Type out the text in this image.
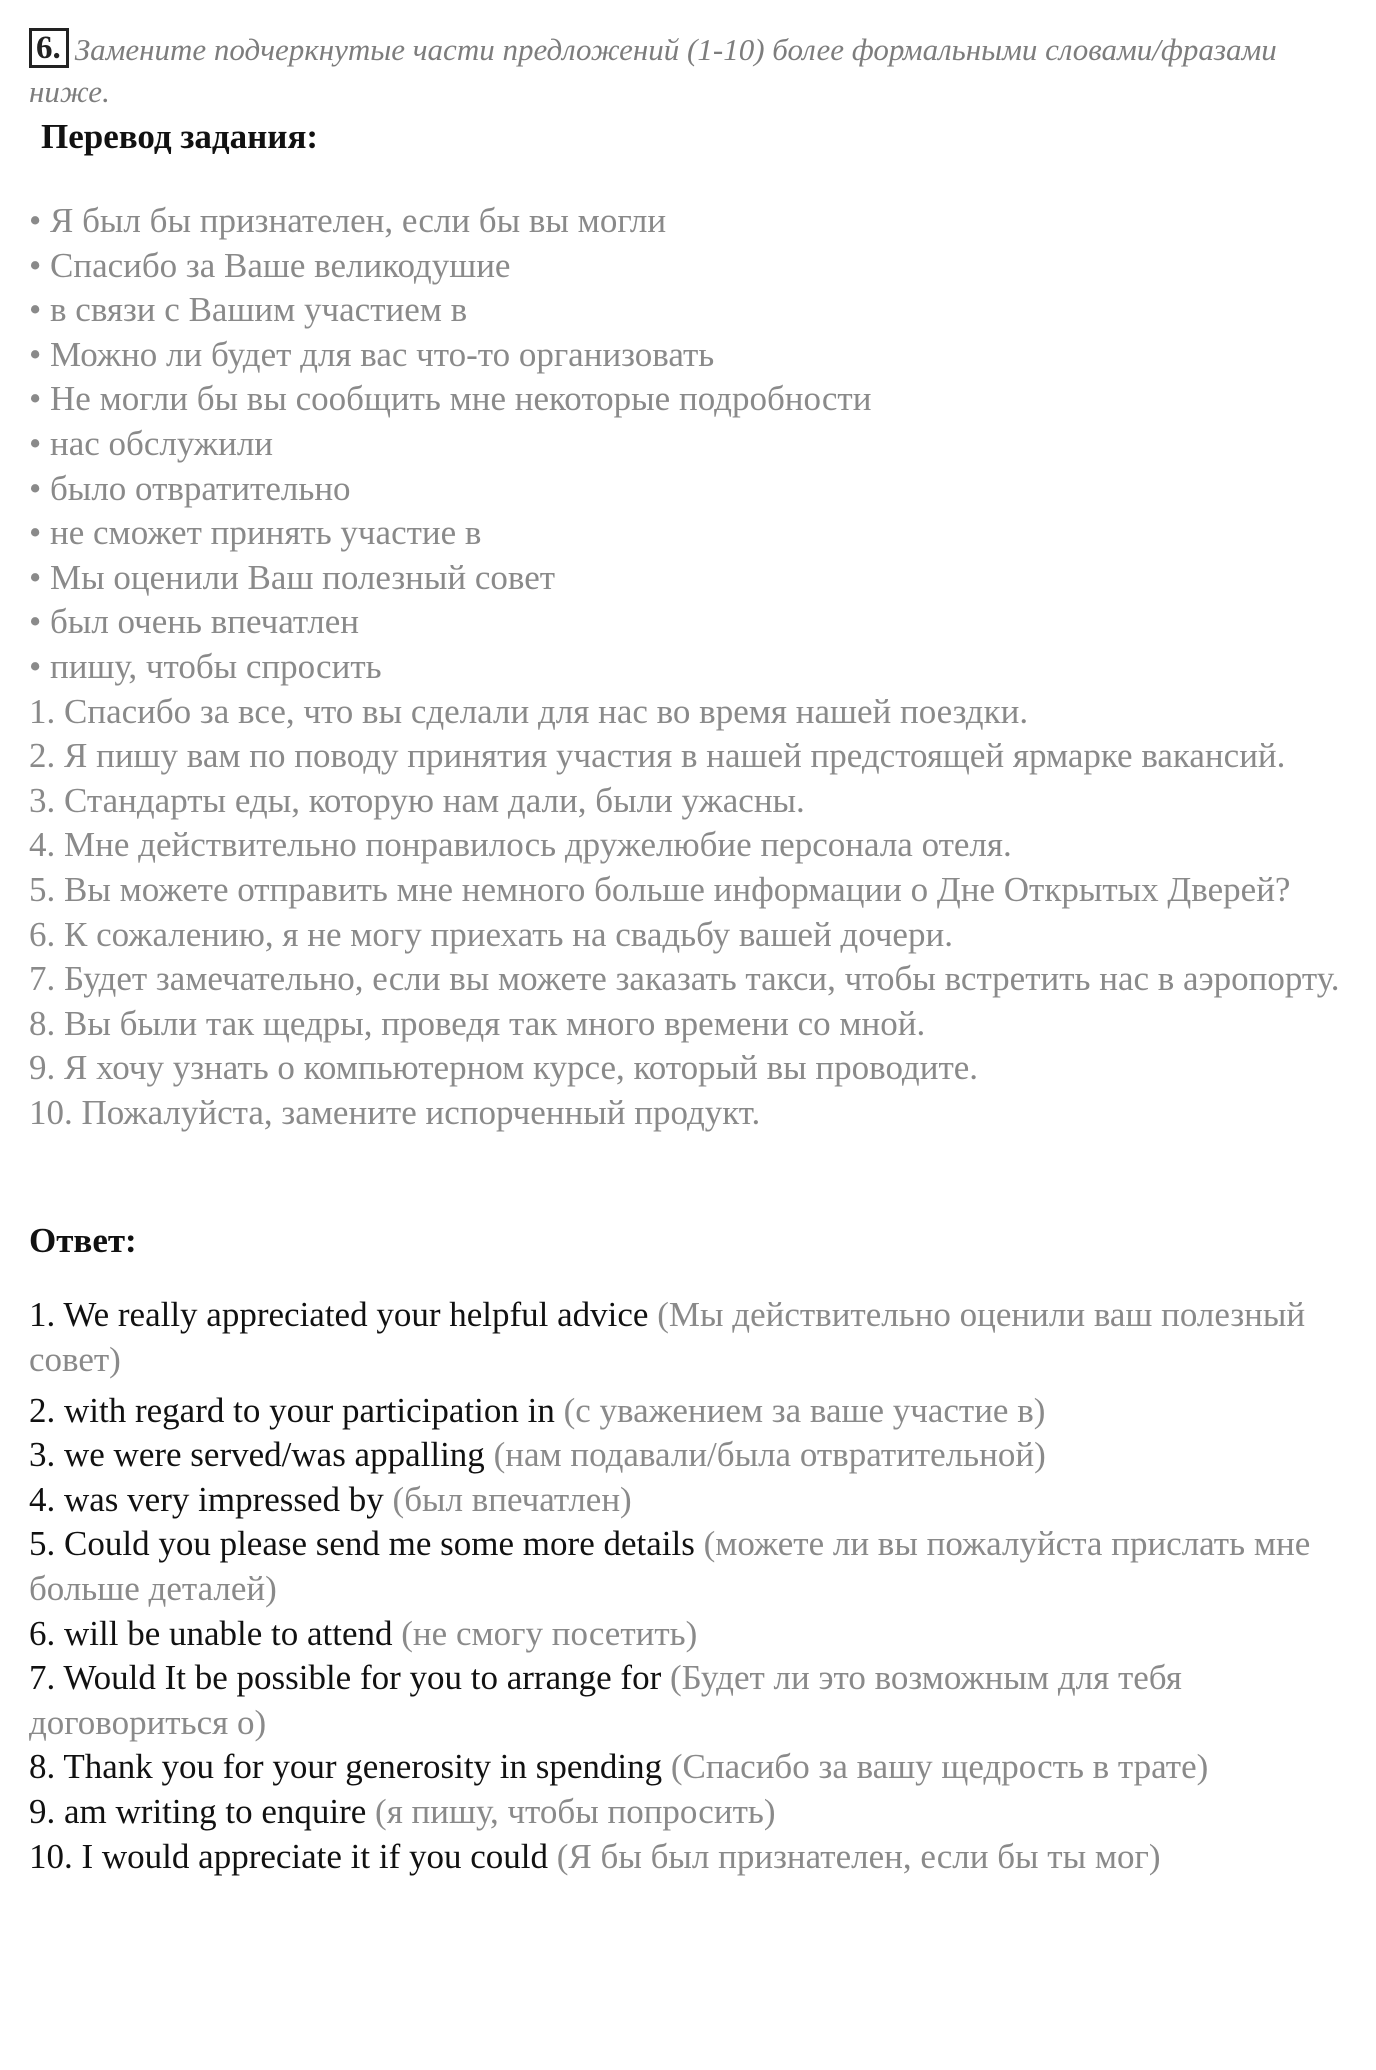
6. Замените подчеркнутые части предложений (1-10) более формальными словами/фразами ниже.
Перевод задания:
• Я был бы признателен, если бы вы могли
• Спасибо за Ваше великодушие
• в связи с Вашим участием в
• Можно ли будет для вас что-то организовать
• Не могли бы вы сообщить мне некоторые подробности
• нас обслужили
• было отвратительно
• не сможет принять участие в
• Мы оценили Ваш полезный совет
• был очень впечатлен
• пишу, чтобы спросить
1. Спасибо за все, что вы сделали для нас во время нашей поездки.
2. Я пишу вам по поводу принятия участия в нашей предстоящей ярмарке вакансий.
3. Стандарты еды, которую нам дали, были ужасны.
4. Мне действительно понравилось дружелюбие персонала отеля.
5. Вы можете отправить мне немного больше информации о Дне Открытых Дверей?
6. К сожалению, я не могу приехать на свадьбу вашей дочери.
7. Будет замечательно, если вы можете заказать такси, чтобы встретить нас в аэропорту.
8. Вы были так щедры, проведя так много времени со мной.
9. Я хочу узнать о компьютерном курсе, который вы проводите.
10. Пожалуйста, замените испорченный продукт.
Ответ:
1. We really appreciated your helpful advice (Мы действительно оценили ваш полезный совет)
2. with regard to your participation in (с уважением за ваше участие в)
3. we were served/was appalling (нам подавали/была отвратительной)
4. was very impressed by (был впечатлен)
5. Could you please send me some more details (можете ли вы пожалуйста прислать мне больше деталей)
6. will be unable to attend (не смогу посетить)
7. Would It be possible for you to arrange for (Будет ли это возможным для тебя договориться о)
8. Thank you for your generosity in spending (Спасибо за вашу щедрость в трате)
9. am writing to enquire (я пишу, чтобы попросить)
10. I would appreciate it if you could (Я бы был признателен, если бы ты мог)
